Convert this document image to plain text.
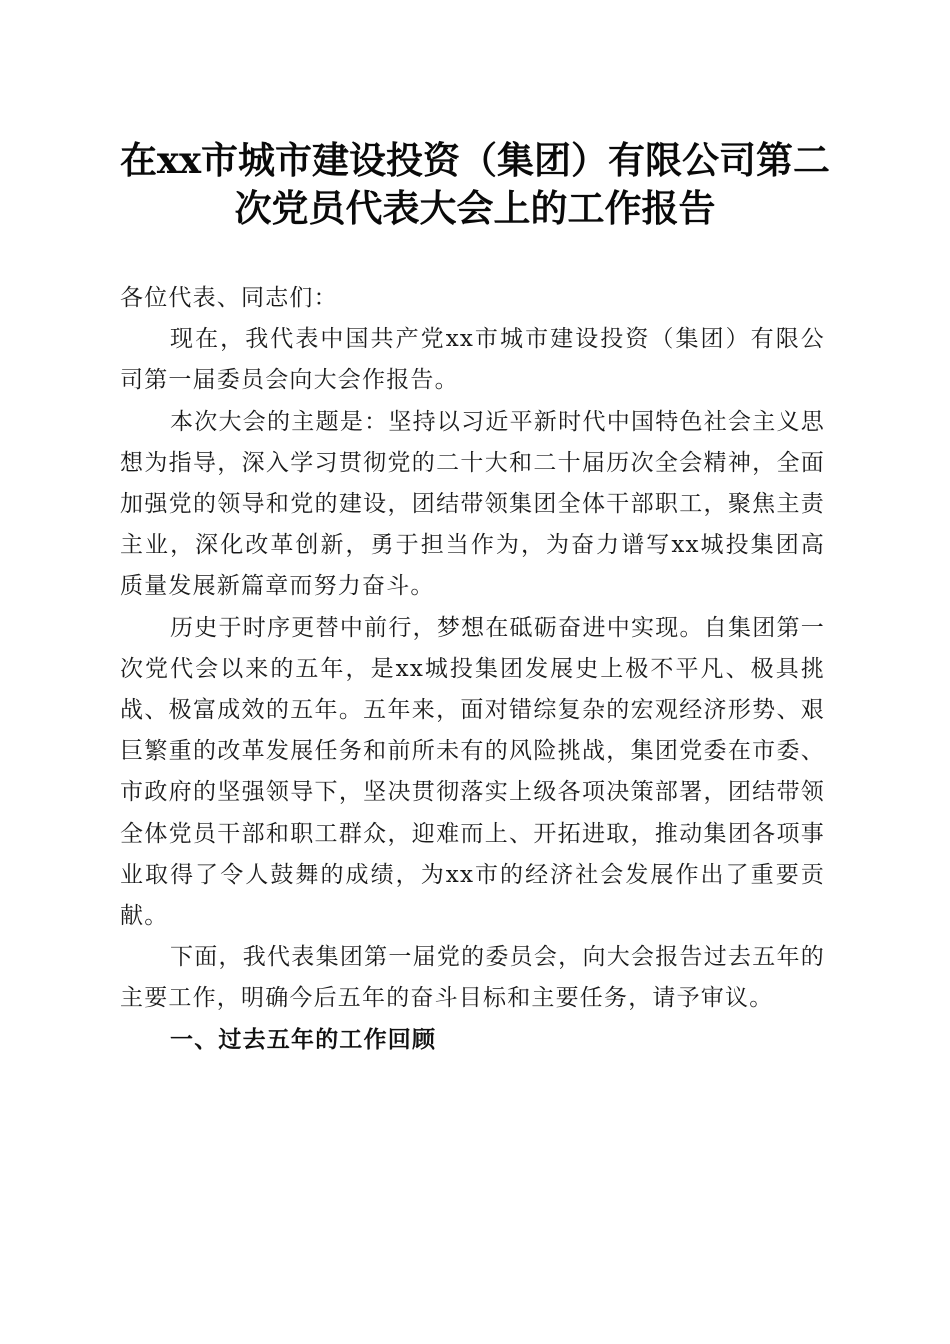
在xx市城市建设投资（集团）有限公司第二
次党员代表大会上的工作报告

各位代表、同志们：

现在，我代表中国共产党xx市城市建设投资（集团）有限公司第一届委员会向大会作报告。

本次大会的主题是：坚持以习近平新时代中国特色社会主义思想为指导，深入学习贯彻党的二十大和二十届历次全会精神，全面加强党的领导和党的建设，团结带领集团全体干部职工，聚焦主责主业，深化改革创新，勇于担当作为，为奋力谱写xx城投集团高质量发展新篇章而努力奋斗。

历史于时序更替中前行，梦想在砥砺奋进中实现。自集团第一次党代会以来的五年，是xx城投集团发展史上极不平凡、极具挑战、极富成效的五年。五年来，面对错综复杂的宏观经济形势、艰巨繁重的改革发展任务和前所未有的风险挑战，集团党委在市委、市政府的坚强领导下，坚决贯彻落实上级各项决策部署，团结带领全体党员干部和职工群众，迎难而上、开拓进取，推动集团各项事业取得了令人鼓舞的成绩，为xx市的经济社会发展作出了重要贡献。

下面，我代表集团第一届党的委员会，向大会报告过去五年的主要工作，明确今后五年的奋斗目标和主要任务，请予审议。

一、过去五年的工作回顾
